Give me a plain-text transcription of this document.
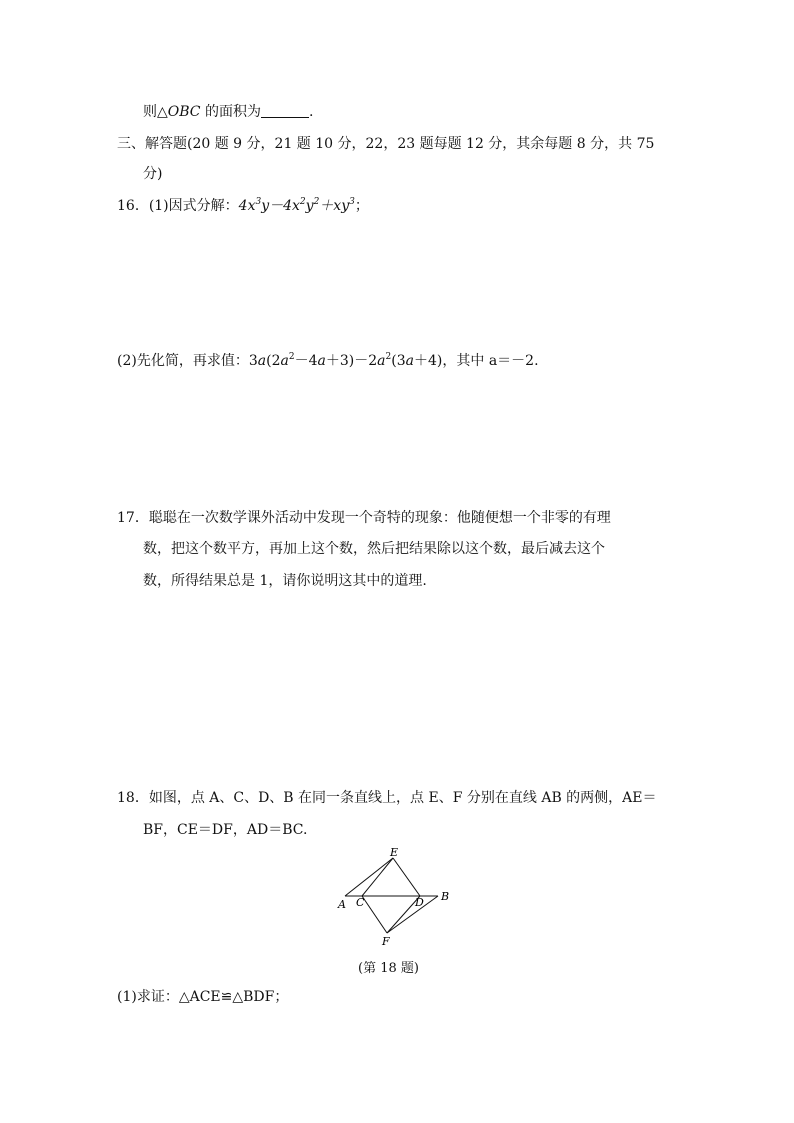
则△OBC 的面积为	.
三、解答题(20 题 9 分，21 题 10 分，22，23 题每题 12 分，其余每题 8 分，共 75
分)
16．(1)因式分解：$4x^3y-4x^2y^2+xy^3$；
(2)先化简，再求值：$3a(2a^2-4a+3)-2a^2(3a+4)$，其中 a＝－2.
17．聪聪在一次数学课外活动中发现一个奇特的现象：他随便想一个非零的有理
数，把这个数平方，再加上这个数，然后把结果除以这个数，最后减去这个
数，所得结果总是 1，请你说明这其中的道理.
18．如图，点 A、C、D、B 在同一条直线上，点 E、F 分别在直线 AB 的两侧，AE＝
BF，CE＝DF，AD＝BC.
E
A C	D B
F
(第 18 题)
(1)求证：△ACE≌△BDF；
